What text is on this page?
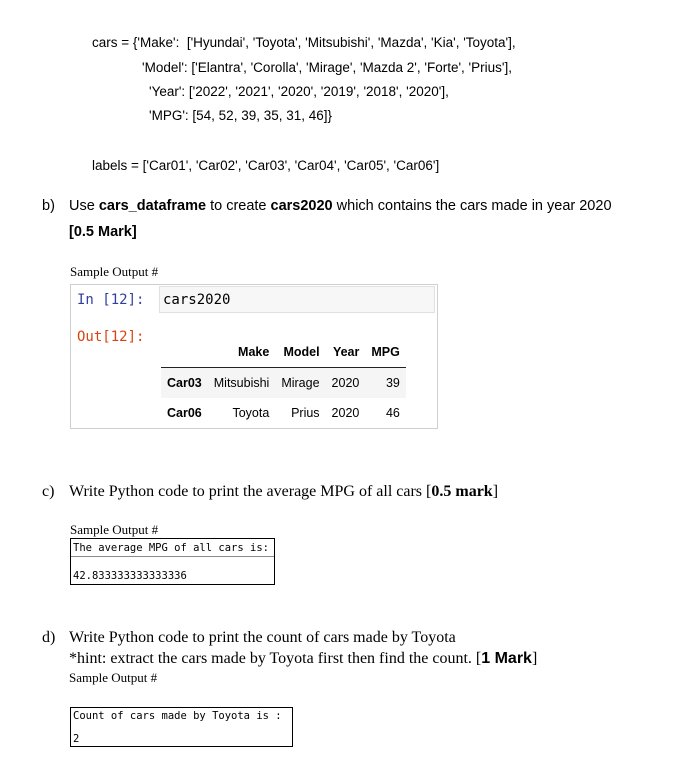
cars = {'Make':  ['Hyundai', 'Toyota', 'Mitsubishi', 'Mazda', 'Kia', 'Toyota'],
'Model': ['Elantra', 'Corolla', 'Mirage', 'Mazda 2', 'Forte', 'Prius'],
'Year': ['2022', '2021', '2020', '2019', '2018', '2020'],
'MPG': [54, 52, 39, 35, 31, 46]}
labels = ['Car01', 'Car02', 'Car03', 'Car04', 'Car05', 'Car06']
b) Use cars_dataframe to create cars2020 which contains the cars made in year 2020
[0.5 Mark]
Sample Output #
In [12]: cars2020
Out[12]:
	Make	Model	Year	MPG
Car03	Mitsubishi	Mirage	2020	39
Car06	Toyota	Prius	2020	46
c) Write Python code to print the average MPG of all cars [0.5 mark]
Sample Output #
The average MPG of all cars is:
42.833333333333336
d) Write Python code to print the count of cars made by Toyota
*hint: extract the cars made by Toyota first then find the count. [1 Mark]
Sample Output #
Count of cars made by Toyota is :
2
